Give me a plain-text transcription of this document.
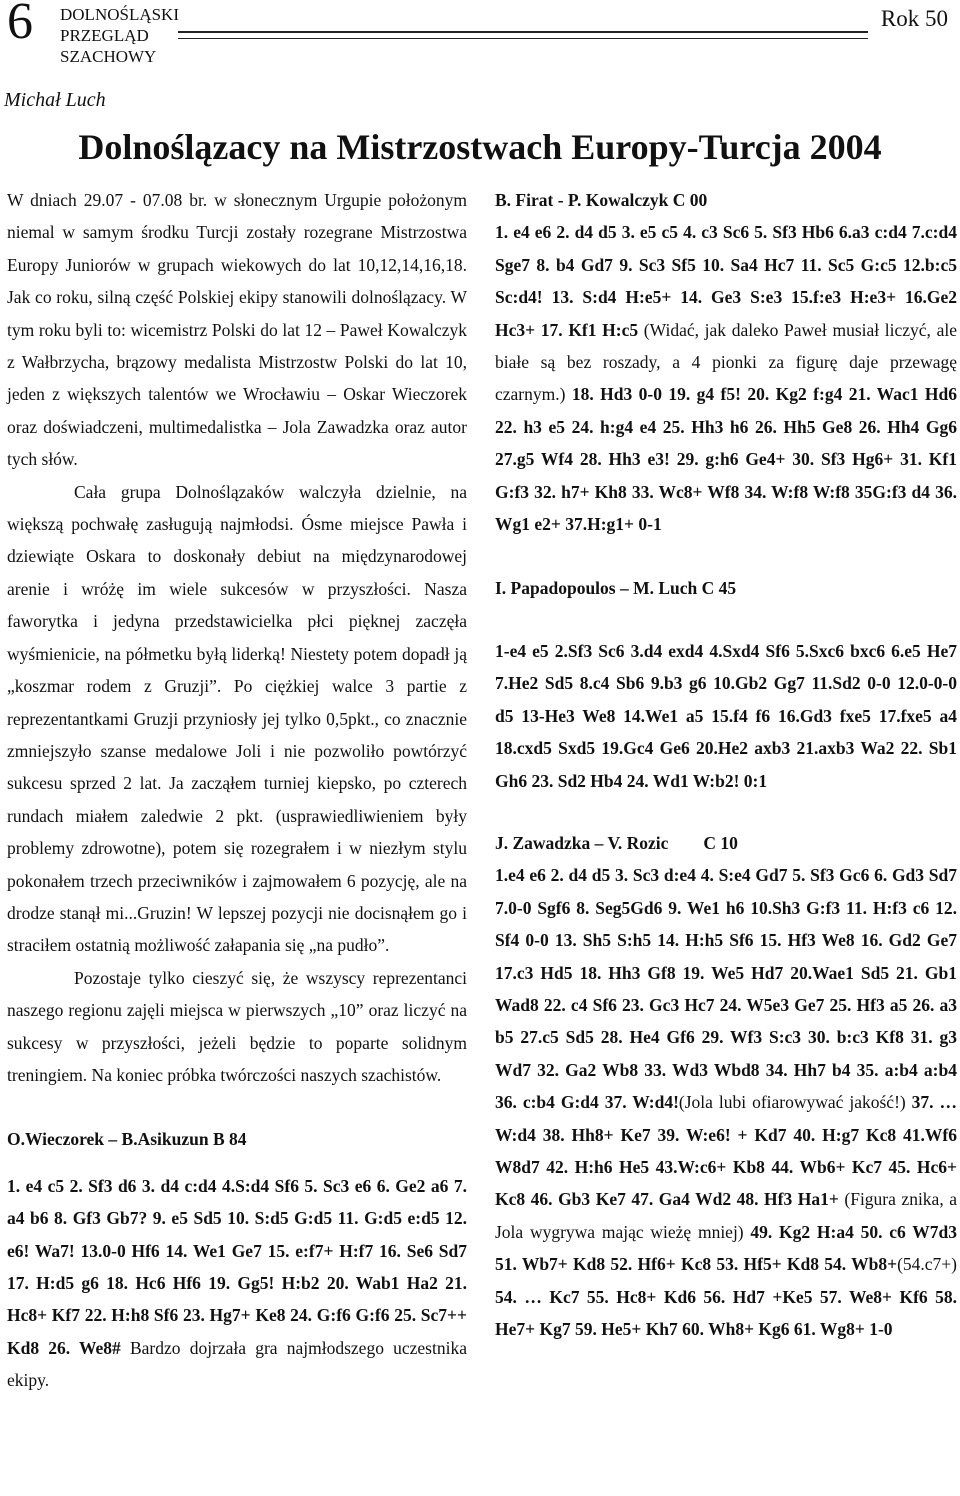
6 DOLNOŚLĄSKI
PRZEGLĄD
SZACHOWY
Rok 50
Michał Luch
Dolnoślązacy na Mistrzostwach Europy-Turcja 2004

W dniach 29.07 - 07.08 br. w słonecznym Urgupie położonym niemal w samym środku Turcji zostały rozegrane Mistrzostwa Europy Juniorów w grupach wiekowych do lat 10,12,14,16,18. Jak co roku, silną część Polskiej ekipy stanowili dolnoślązacy. W tym roku byli to: wicemistrz Polski do lat 12 – Paweł Kowalczyk z Wałbrzycha, brązowy medalista Mistrzostw Polski do lat 10, jeden z większych talentów we Wrocławiu – Oskar Wieczorek oraz doświadczeni, multimedalistka – Jola Zawadzka oraz autor tych słów.

Cała grupa Dolnoślązaków walczyła dzielnie, na większą pochwałę zasługują najmłodsi. Ósme miejsce Pawła i dziewiąte Oskara to doskonały debiut na międzynarodowej arenie i wróżę im wiele sukcesów w przyszłości. Nasza faworytka i jedyna przedstawicielka płci pięknej zaczęła wyśmienicie, na półmetku byłą liderką! Niestety potem dopadł ją „koszmar rodem z Gruzji”. Po ciężkiej walce 3 partie z reprezentantkami Gruzji przyniosły jej tylko 0,5pkt., co znacznie zmniejszyło szanse medalowe Joli i nie pozwoliło powtórzyć sukcesu sprzed 2 lat. Ja zacząłem turniej kiepsko, po czterech rundach miałem zaledwie 2 pkt. (usprawiedliwieniem były problemy zdrowotne), potem się rozegrałem i w niezłym stylu pokonałem trzech przeciwników i zajmowałem 6 pozycję, ale na drodze stanął mi...Gruzin! W lepszej pozycji nie docisnąłem go i straciłem ostatnią możliwość załapania się „na pudło”.

Pozostaje tylko cieszyć się, że wszyscy reprezentanci naszego regionu zajęli miejsca w pierwszych „10” oraz liczyć na sukcesy w przyszłości, jeżeli będzie to poparte solidnym treningiem. Na koniec próbka twórczości naszych szachistów.

O.Wieczorek – B.Asikuzun B 84

1. e4 c5 2. Sf3 d6 3. d4 c:d4 4.S:d4 Sf6 5. Sc3 e6 6. Ge2 a6 7. a4 b6 8. Gf3 Gb7? 9. e5 Sd5 10. S:d5 G:d5 11. G:d5 e:d5 12. e6! Wa7! 13.0-0 Hf6 14. We1 Ge7 15. e:f7+ H:f7 16. Se6 Sd7 17. H:d5 g6 18. Hc6 Hf6 19. Gg5! H:b2 20. Wab1 Ha2 21. Hc8+ Kf7 22. H:h8 Sf6 23. Hg7+ Ke8 24. G:f6 G:f6 25. Sc7++ Kd8 26. We8# Bardzo dojrzała gra najmłodszego uczestnika ekipy.

B. Firat - P. Kowalczyk C 00

1. e4 e6 2. d4 d5 3. e5 c5 4. c3 Sc6 5. Sf3 Hb6 6.a3 c:d4 7.c:d4 Sge7 8. b4 Gd7 9. Sc3 Sf5 10. Sa4 Hc7 11. Sc5 G:c5 12.b:c5 Sc:d4! 13. S:d4 H:e5+ 14. Ge3 S:e3 15.f:e3 H:e3+ 16.Ge2 Hc3+ 17. Kf1 H:c5 (Widać, jak daleko Paweł musiał liczyć, ale białe są bez roszady, a 4 pionki za figurę daje przewagę czarnym.) 18. Hd3 0-0 19. g4 f5! 20. Kg2 f:g4 21. Wac1 Hd6 22. h3 e5 24. h:g4 e4 25. Hh3 h6 26. Hh5 Ge8 26. Hh4 Gg6 27.g5 Wf4 28. Hh3 e3! 29. g:h6 Ge4+ 30. Sf3 Hg6+ 31. Kf1 G:f3 32. h7+ Kh8 33. Wc8+ Wf8 34. W:f8 W:f8 35G:f3 d4 36. Wg1 e2+ 37.H:g1+ 0-1

I. Papadopoulos – M. Luch C 45

1-e4 e5 2.Sf3 Sc6 3.d4 exd4 4.Sxd4 Sf6 5.Sxc6 bxc6 6.e5 He7 7.He2 Sd5 8.c4 Sb6 9.b3 g6 10.Gb2 Gg7 11.Sd2 0-0 12.0-0-0 d5 13-He3 We8 14.We1 a5 15.f4 f6 16.Gd3 fxe5 17.fxe5 a4 18.cxd5 Sxd5 19.Gc4 Ge6 20.He2 axb3 21.axb3 Wa2 22. Sb1 Gh6 23. Sd2 Hb4 24. Wd1 W:b2! 0:1

J. Zawadzka – V. Rozic        C 10

1.e4 e6 2. d4 d5 3. Sc3 d:e4 4. S:e4 Gd7 5. Sf3 Gc6 6. Gd3 Sd7 7.0-0 Sgf6 8. Seg5Gd6 9. We1 h6 10.Sh3 G:f3 11. H:f3 c6 12. Sf4 0-0 13. Sh5 S:h5 14. H:h5 Sf6 15. Hf3 We8 16. Gd2 Ge7 17.c3 Hd5 18. Hh3 Gf8 19. We5 Hd7 20.Wae1 Sd5 21. Gb1 Wad8 22. c4 Sf6 23. Gc3 Hc7 24. W5e3 Ge7 25. Hf3 a5 26. a3 b5 27.c5 Sd5 28. He4 Gf6 29. Wf3 S:c3 30. b:c3 Kf8 31. g3 Wd7 32. Ga2 Wb8 33. Wd3 Wbd8 34. Hh7 b4 35. a:b4 a:b4 36. c:b4 G:d4 37. W:d4!(Jola lubi ofiarowywać jakość!) 37. …W:d4 38. Hh8+ Ke7 39. W:e6! + Kd7 40. H:g7 Kc8 41.Wf6 W8d7 42. H:h6 He5 43.W:c6+ Kb8 44. Wb6+ Kc7 45. Hc6+ Kc8 46. Gb3 Ke7 47. Ga4 Wd2 48. Hf3 Ha1+ (Figura znika, a Jola wygrywa mając wieżę mniej) 49. Kg2 H:a4 50. c6 W7d3 51. Wb7+ Kd8 52. Hf6+ Kc8 53. Hf5+ Kd8 54. Wb8+(54.c7+) 54. … Kc7 55. Hc8+ Kd6 56. Hd7 +Ke5 57. We8+ Kf6 58. He7+ Kg7 59. He5+ Kh7 60. Wh8+ Kg6 61. Wg8+ 1-0
